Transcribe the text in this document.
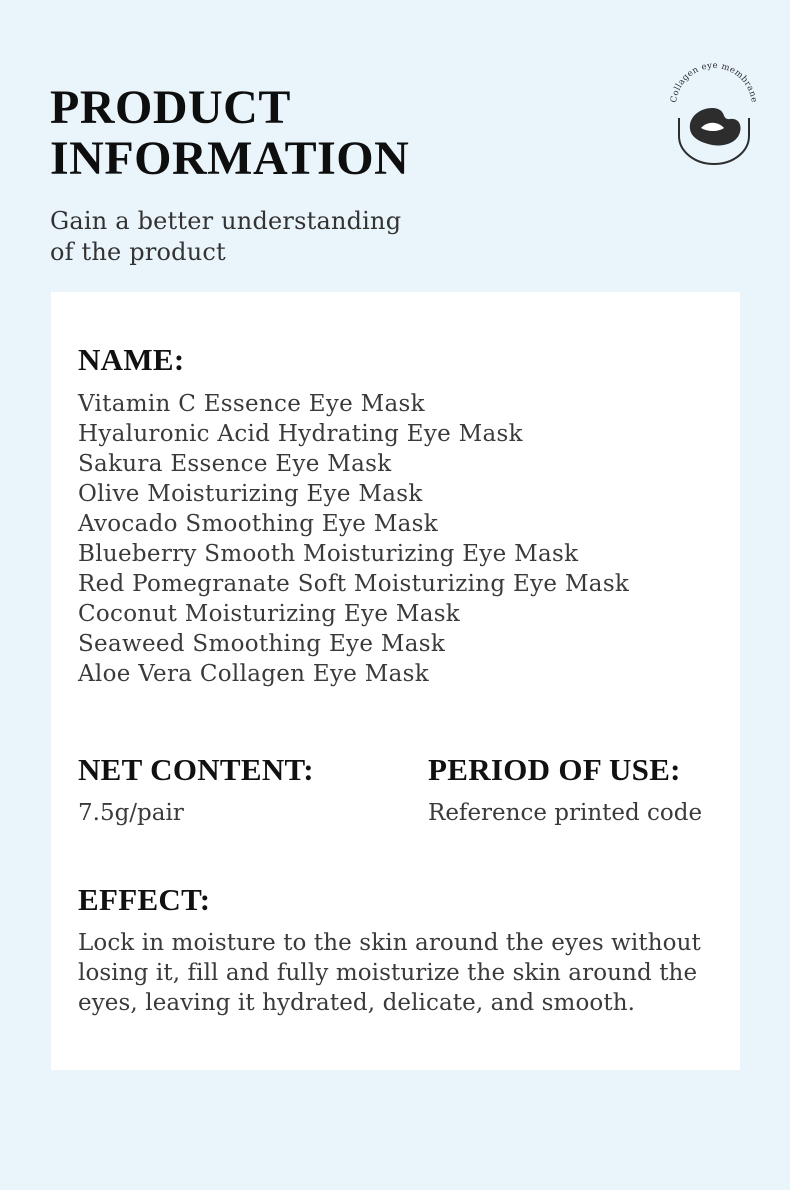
PRODUCT
INFORMATION
Gain a better understanding
of the product
Collagen eye membrane
NAME:
Vitamin C Essence Eye Mask
Hyaluronic Acid Hydrating Eye Mask
Sakura Essence Eye Mask
Olive Moisturizing Eye Mask
Avocado Smoothing Eye Mask
Blueberry Smooth Moisturizing Eye Mask
Red Pomegranate Soft Moisturizing Eye Mask
Coconut Moisturizing Eye Mask
Seaweed Smoothing Eye Mask
Aloe Vera Collagen Eye Mask
NET CONTENT:
7.5g/pair
PERIOD OF USE:
Reference printed code
EFFECT:
Lock in moisture to the skin around the eyes without losing it, fill and fully moisturize the skin around the eyes, leaving it hydrated, delicate, and smooth.
